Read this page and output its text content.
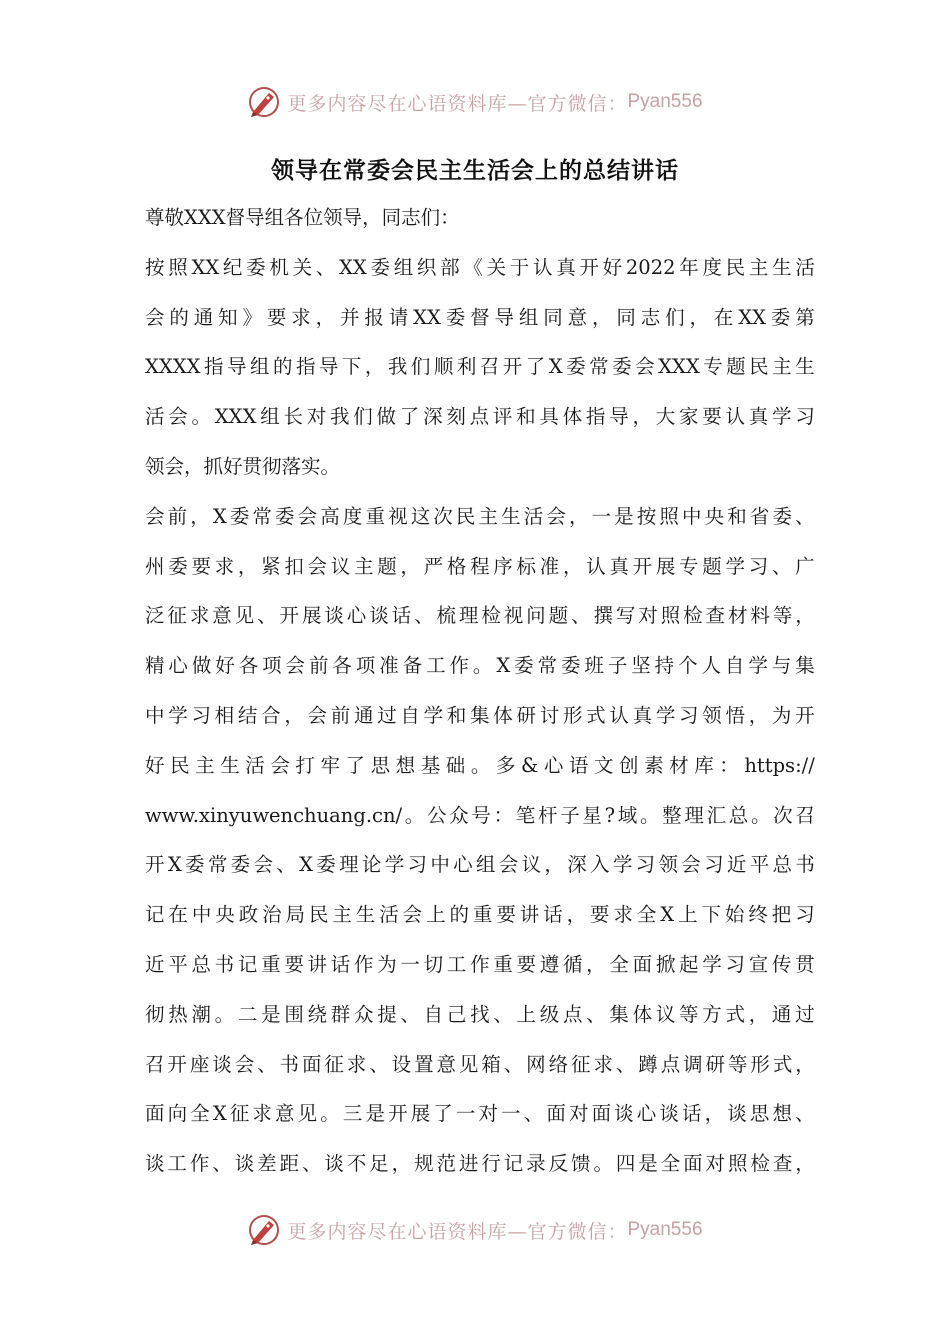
更多内容尽在心语资料库—官方微信： Pyan556
领导在常委会民主生活会上的总结讲话
尊敬XXX督导组各位领导，同志们：
按 照 XX 纪 委 机 关 、 XX 委 组 织 部 《 关 于 认 真 开 好 2022 年 度 民 主 生 活
会 的 通 知 》 要 求 ， 并 报 请 XX 委 督 导 组 同 意 ， 同 志 们 ， 在 XX 委 第
XXXX 指 导 组 的 指 导 下 ， 我 们 顺 利 召 开 了 X 委 常 委 会 XXX 专 题 民 主 生
活 会 。 XXX 组 长 对 我 们 做 了 深 刻 点 评 和 具 体 指 导 ， 大 家 要 认 真 学 习
领会，抓好贯彻落实。
会 前 ， X 委 常 委 会 高 度 重 视 这 次 民 主 生 活 会 ， 一 是 按 照 中 央 和 省 委 、
州 委 要 求 ， 紧 扣 会 议 主 题 ， 严 格 程 序 标 准 ， 认 真 开 展 专 题 学 习 、 广
泛 征 求 意 见 、 开 展 谈 心 谈 话 、 梳 理 检 视 问 题 、 撰 写 对 照 检 查 材 料 等 ，
精 心 做 好 各 项 会 前 各 项 准 备 工 作 。 X 委 常 委 班 子 坚 持 个 人 自 学 与 集
中 学 习 相 结 合 ， 会 前 通 过 自 学 和 集 体 研 讨 形 式 认 真 学 习 领 悟 ， 为 开
好 民 主 生 活 会 打 牢 了 思 想 基 础 。 多 & 心 语 文 创 素 材 库 ： https://
www.xinyuwenchuang.cn/ 。 公 众 号 ： 笔 杆 子 星 ? 域 。 整 理 汇 总 。 次 召
开 X 委 常 委 会 、 X 委 理 论 学 习 中 心 组 会 议 ， 深 入 学 习 领 会 习 近 平 总 书
记 在 中 央 政 治 局 民 主 生 活 会 上 的 重 要 讲 话 ， 要 求 全 X 上 下 始 终 把 习
近 平 总 书 记 重 要 讲 话 作 为 一 切 工 作 重 要 遵 循 ， 全 面 掀 起 学 习 宣 传 贯
彻 热 潮 。 二 是 围 绕 群 众 提 、 自 己 找 、 上 级 点 、 集 体 议 等 方 式 ， 通 过
召 开 座 谈 会 、 书 面 征 求 、 设 置 意 见 箱 、 网 络 征 求 、 蹲 点 调 研 等 形 式 ，
面 向 全 X 征 求 意 见 。 三 是 开 展 了 一 对 一 、 面 对 面 谈 心 谈 话 ， 谈 思 想 、
谈 工 作 、 谈 差 距 、 谈 不 足 ， 规 范 进 行 记 录 反 馈 。 四 是 全 面 对 照 检 查 ，
更多内容尽在心语资料库—官方微信： Pyan556
